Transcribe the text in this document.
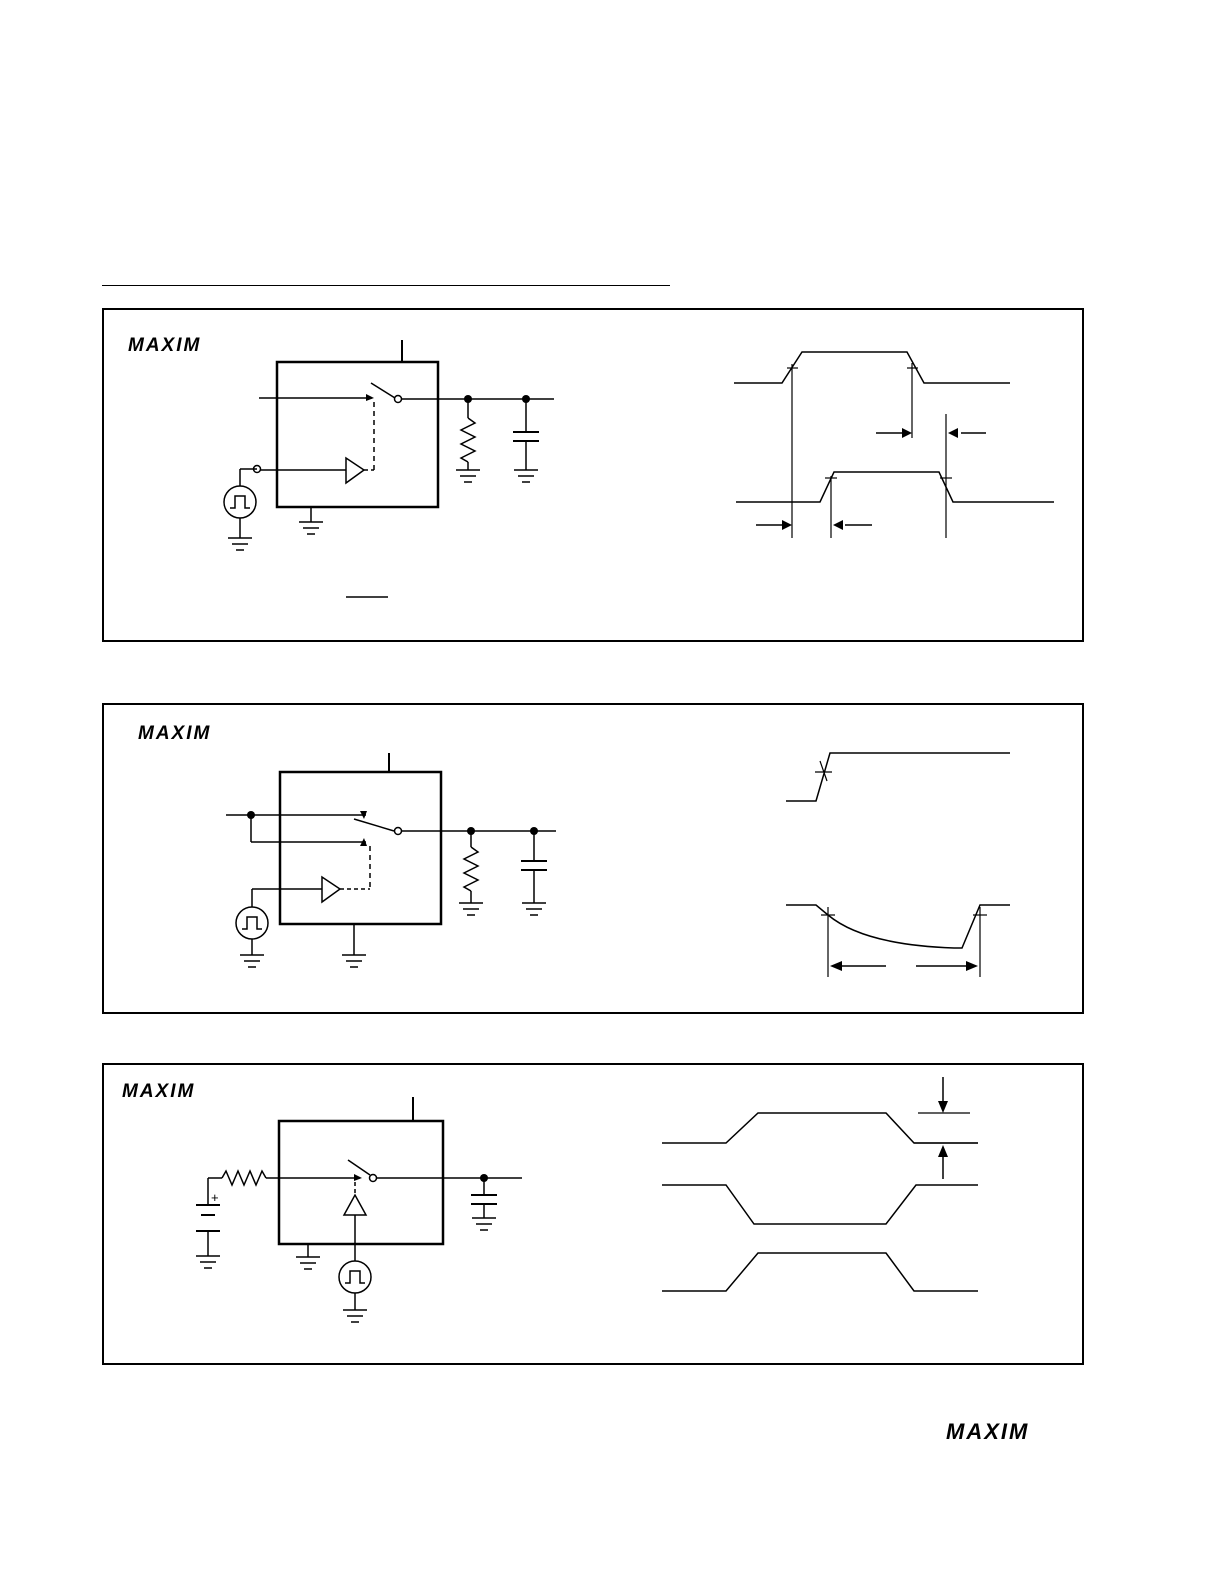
MAXIM
MAXIM
MAXIM
+
MAXIM
